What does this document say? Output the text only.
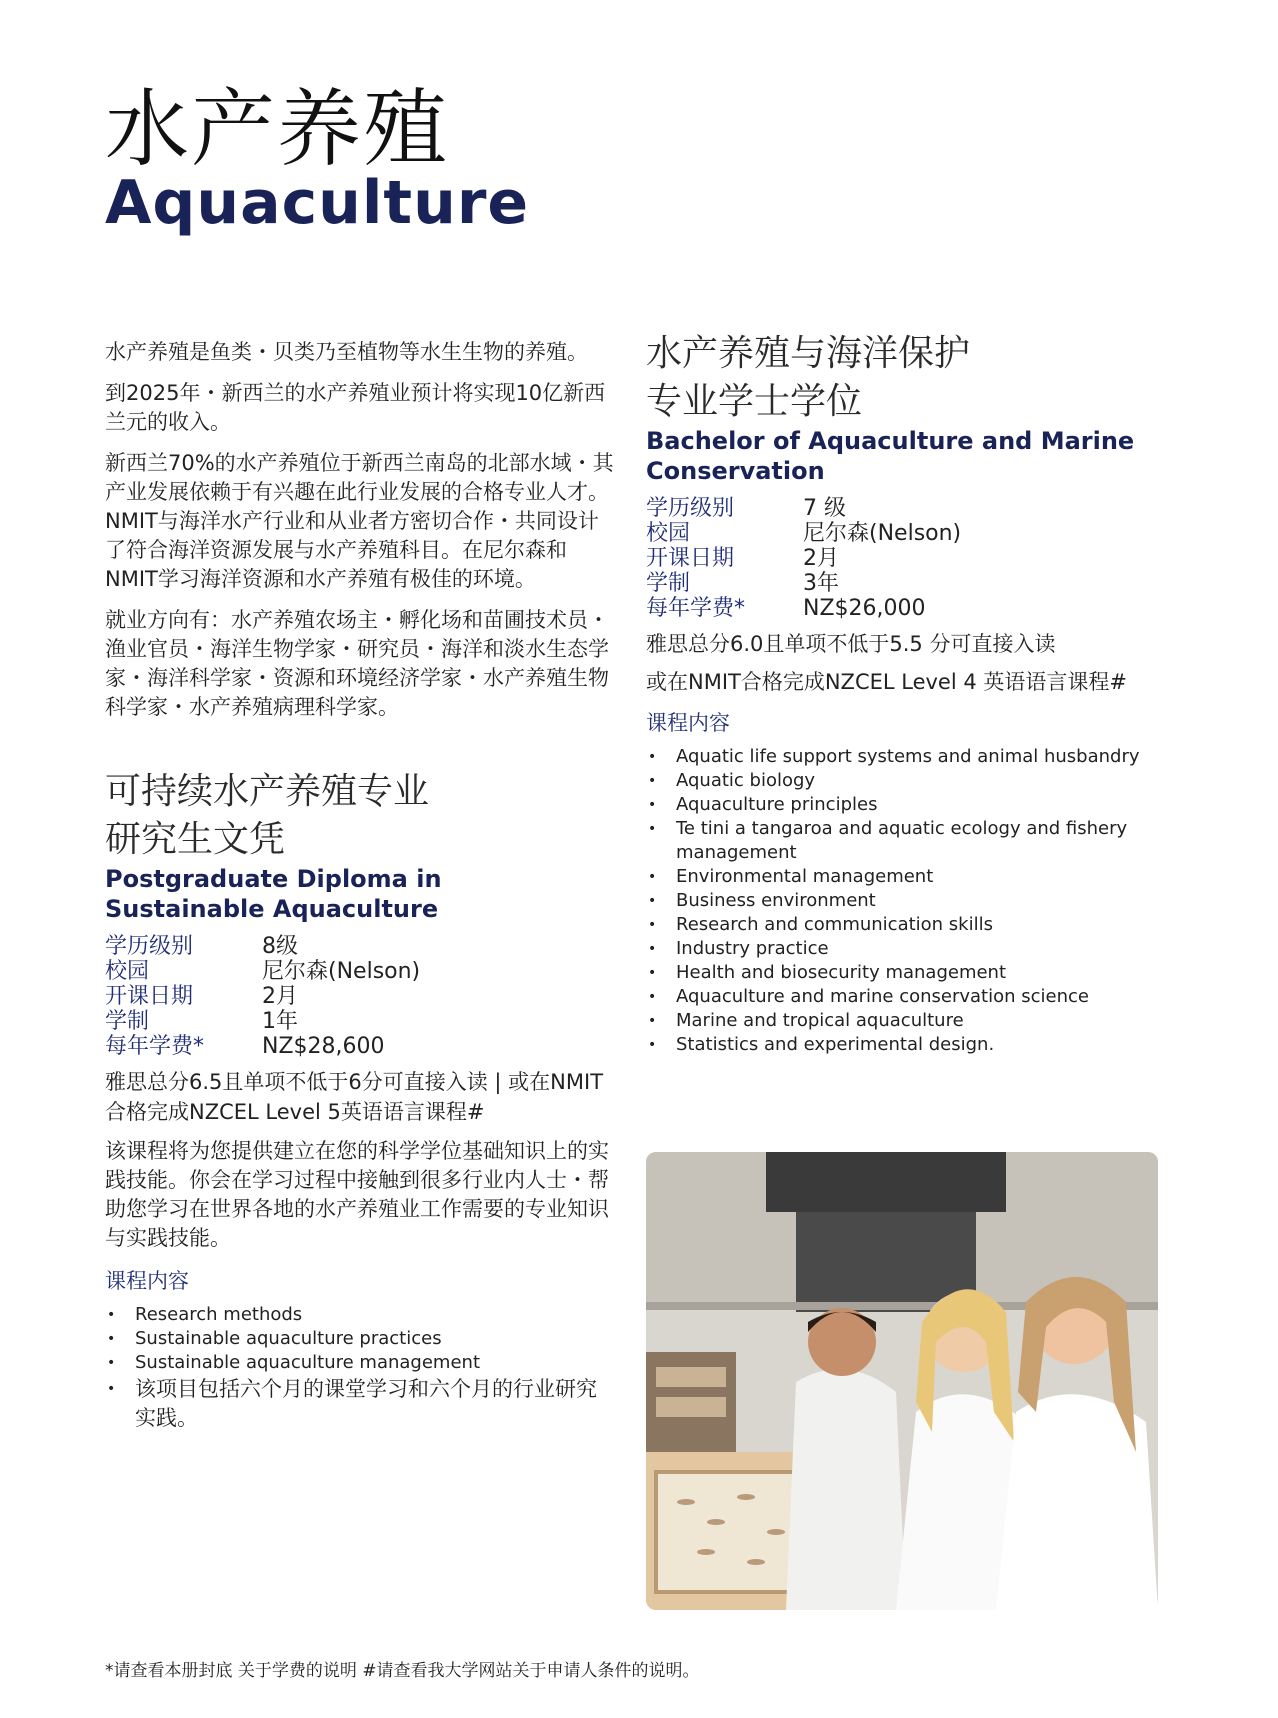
水产养殖
Aquaculture

水产养殖是鱼类・贝类乃至植物等水生生物的养殖。

到2025年・新西兰的水产养殖业预计将实现10亿新西兰元的收入。

新西兰70%的水产养殖位于新西兰南岛的北部水域・其产业发展依赖于有兴趣在此行业发展的合格专业人才。NMIT与海洋水产行业和从业者方密切合作・共同设计了符合海洋资源发展与水产养殖科目。在尼尔森和NMIT学习海洋资源和水产养殖有极佳的环境。

就业方向有：水产养殖农场主・孵化场和苗圃技术员・渔业官员・海洋生物学家・研究员・海洋和淡水生态学家・海洋科学家・资源和环境经济学家・水产养殖生物科学家・水产养殖病理科学家。

可持续水产养殖专业
研究生文凭
Postgraduate Diploma in
Sustainable Aquaculture
学历级别	8级
校园	尼尔森(Nelson)
开课日期	2月
学制	1年
每年学费*	NZ$28,600

雅思总分6.5且单项不低于6分可直接入读 | 或在NMIT合格完成NZCEL Level 5英语语言课程#

该课程将为您提供建立在您的科学学位基础知识上的实践技能。你会在学习过程中接触到很多行业内人士・帮助您学习在世界各地的水产养殖业工作需要的专业知识与实践技能。

课程内容
• Research methods
• Sustainable aquaculture practices
• Sustainable aquaculture management
• 该项目包括六个月的课堂学习和六个月的行业研究实践。
水产养殖与海洋保护
专业学士学位
Bachelor of Aquaculture and Marine
Conservation
学历级别	7 级
校园	尼尔森(Nelson)
开课日期	2月
学制	3年
每年学费*	NZ$26,000

雅思总分6.0且单项不低于5.5 分可直接入读

或在NMIT合格完成NZCEL Level 4 英语语言课程#

课程内容
• Aquatic life support systems and animal husbandry
• Aquatic biology
• Aquaculture principles
• Te tini a tangaroa and aquatic ecology and fishery management
• Environmental management
• Business environment
• Research and communication skills
• Industry practice
• Health and biosecurity management
• Aquaculture and marine conservation science
• Marine and tropical aquaculture
• Statistics and experimental design.
*请查看本册封底 关于学费的说明 #请查看我大学网站关于申请人条件的说明。
